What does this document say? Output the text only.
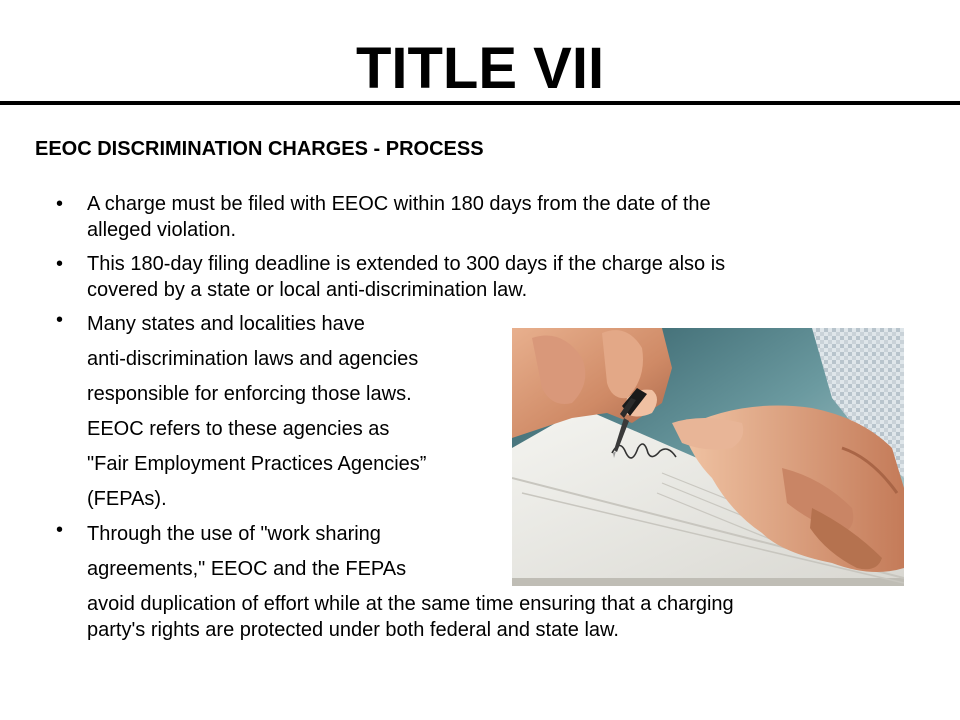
TITLE VII
EEOC DISCRIMINATION CHARGES - PROCESS
•	A charge must be filed with EEOC within 180 days from the date of the
alleged violation.
•	This 180-day filing deadline is extended to 300 days if the charge also is
covered by a state or local anti-discrimination law.
•	Many states and localities have
anti-discrimination laws and agencies
responsible for enforcing those laws.
EEOC refers to these agencies as
"Fair Employment Practices Agencies”
(FEPAs).
•	Through the use of "work sharing
agreements," EEOC and the FEPAs
avoid duplication of effort while at the same time ensuring that a charging
party's rights are protected under both federal and state law.
